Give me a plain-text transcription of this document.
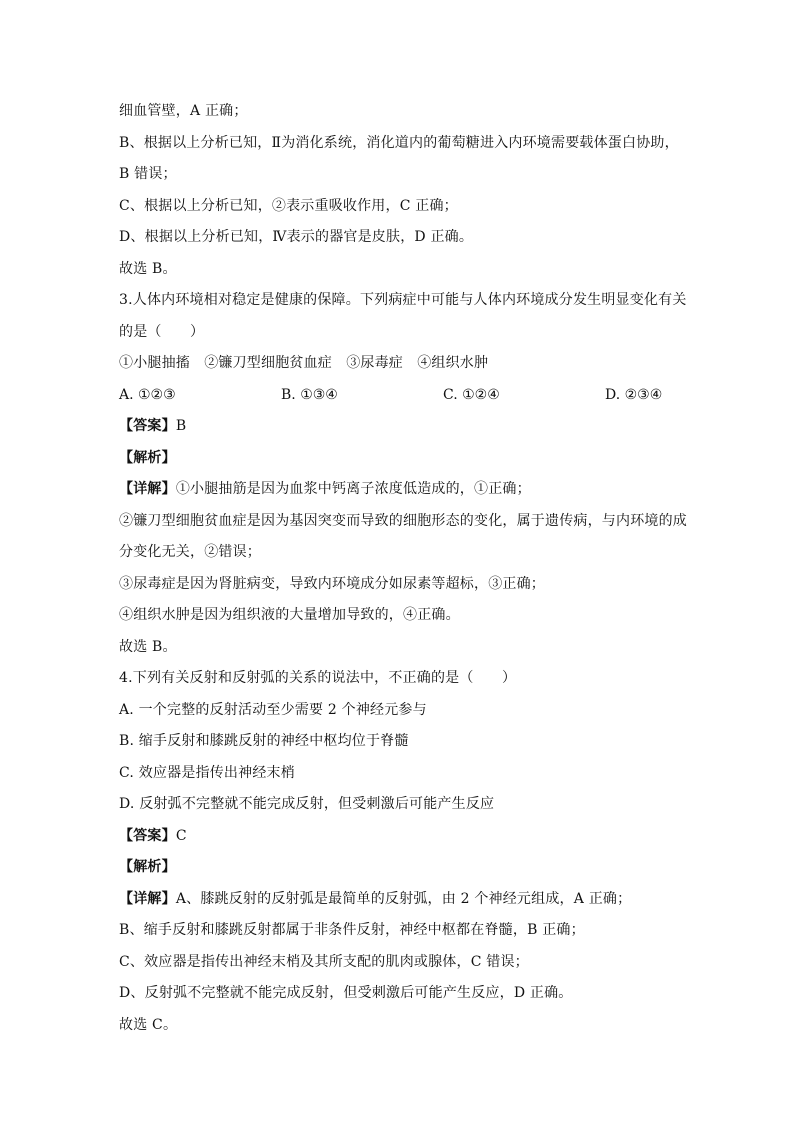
细血管壁，A 正确；
B、根据以上分析已知，Ⅱ为消化系统，消化道内的葡萄糖进入内环境需要载体蛋白协助，
B 错误；
C、根据以上分析已知，②表示重吸收作用，C 正确；
D、根据以上分析已知，Ⅳ表示的器官是皮肤，D 正确。
故选 B。
3.人体内环境相对稳定是健康的保障。下列病症中可能与人体内环境成分发生明显变化有关
的是（　　）
①小腿抽搐　②镰刀型细胞贫血症　③尿毒症　④组织水肿
A. ①②③	B. ①③④	C. ①②④	D. ②③④
【答案】B
【解析】
【详解】①小腿抽筋是因为血浆中钙离子浓度低造成的，①正确；
②镰刀型细胞贫血症是因为基因突变而导致的细胞形态的变化，属于遗传病，与内环境的成
分变化无关，②错误；
③尿毒症是因为肾脏病变，导致内环境成分如尿素等超标，③正确；
④组织水肿是因为组织液的大量增加导致的，④正确。
故选 B。
4.下列有关反射和反射弧的关系的说法中，不正确的是（　　）
A. 一个完整的反射活动至少需要 2 个神经元参与
B. 缩手反射和膝跳反射的神经中枢均位于脊髓
C. 效应器是指传出神经末梢
D. 反射弧不完整就不能完成反射，但受刺激后可能产生反应
【答案】C
【解析】
【详解】A、膝跳反射的反射弧是最简单的反射弧，由 2 个神经元组成，A 正确；
B、缩手反射和膝跳反射都属于非条件反射，神经中枢都在脊髓，B 正确；
C、效应器是指传出神经末梢及其所支配的肌肉或腺体，C 错误；
D、反射弧不完整就不能完成反射，但受刺激后可能产生反应，D 正确。
故选 C。
